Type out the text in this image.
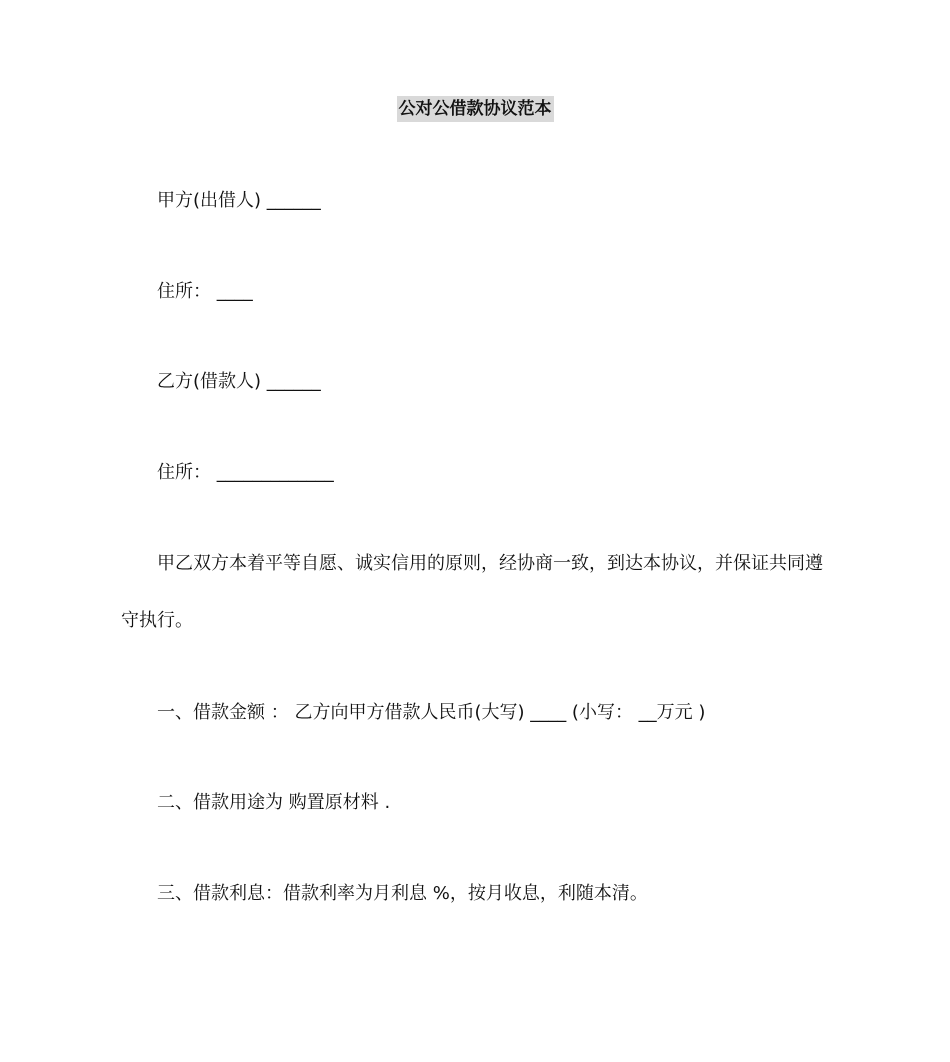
公对公借款协议范本
甲方(出借人) ______
住所： ____
乙方(借款人) ______
住所： _____________
甲乙双方本着平等自愿、诚实信用的原则，经协商一致，到达本协议，并保证共同遵
守执行。
一、借款金额 ： 乙方向甲方借款人民币(大写) ____ (小写： __万元 )
二、借款用途为 购置原材料 .
三、借款利息：借款利率为月利息 %，按月收息，利随本清。
